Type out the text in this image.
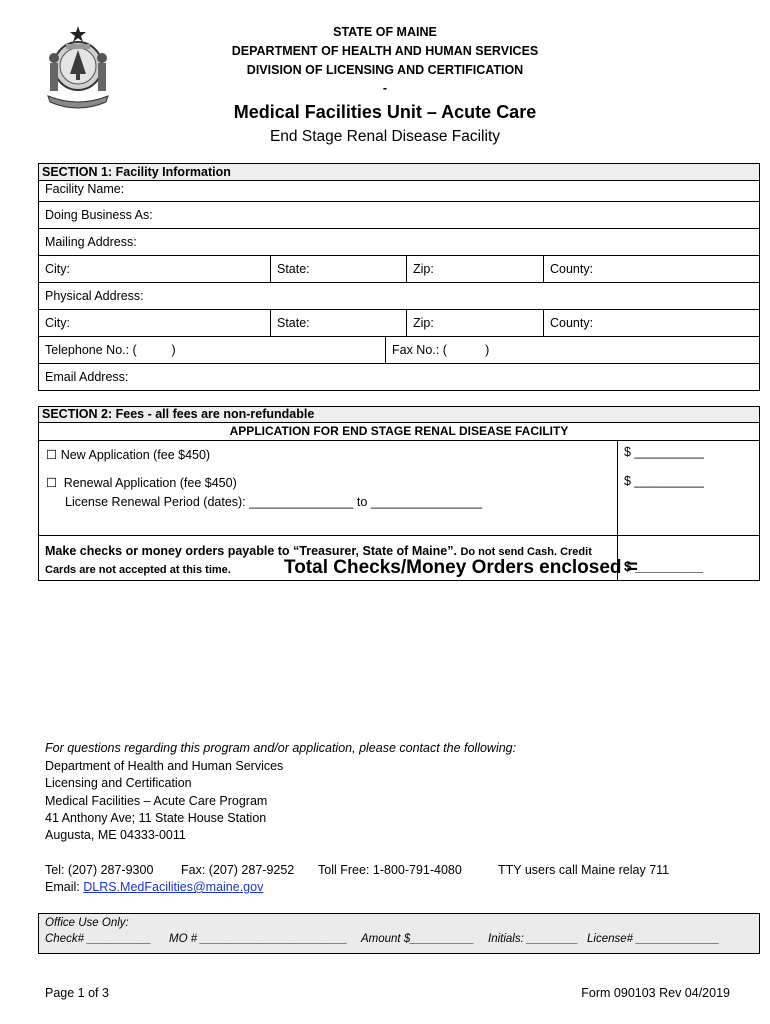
STATE OF MAINE
DEPARTMENT OF HEALTH AND HUMAN SERVICES
DIVISION OF LICENSING AND CERTIFICATION
-
Medical Facilities Unit – Acute Care
End Stage Renal Disease Facility
SECTION 1: Facility Information
Facility Name:
Doing Business As:
Mailing Address:
City:	State:	Zip:	County:
Physical Address:
City:	State:	Zip:	County:
Telephone No.: (          )	Fax No.: (           )
Email Address:
SECTION 2: Fees - all fees are non-refundable
APPLICATION FOR END STAGE RENAL DISEASE FACILITY
☐ New Application (fee $450)	$ __________
☐ Renewal Application (fee $450)	$ __________
License Renewal Period (dates): _______________ to ________________
Make checks or money orders payable to “Treasurer, State of Maine”. Do not send Cash. Credit
Cards are not accepted at this time.	Total Checks/Money Orders enclosed =
$ _________
For questions regarding this program and/or application, please contact the following:
Department of Health and Human Services
Licensing and Certification
Medical Facilities – Acute Care Program
41 Anthony Ave; 11 State House Station
Augusta, ME 04333-0011
Tel: (207) 287-9300 Fax: (207) 287-9252 Toll Free: 1-800-791-4080	TTY users call Maine relay 711
Email: DLRS.MedFacilities@maine.gov
Office Use Only:
Check# __________ MO # _______________________ Amount $__________ Initials: ________ License# _____________
Page 1 of 3	Form 090103 Rev 04/2019
